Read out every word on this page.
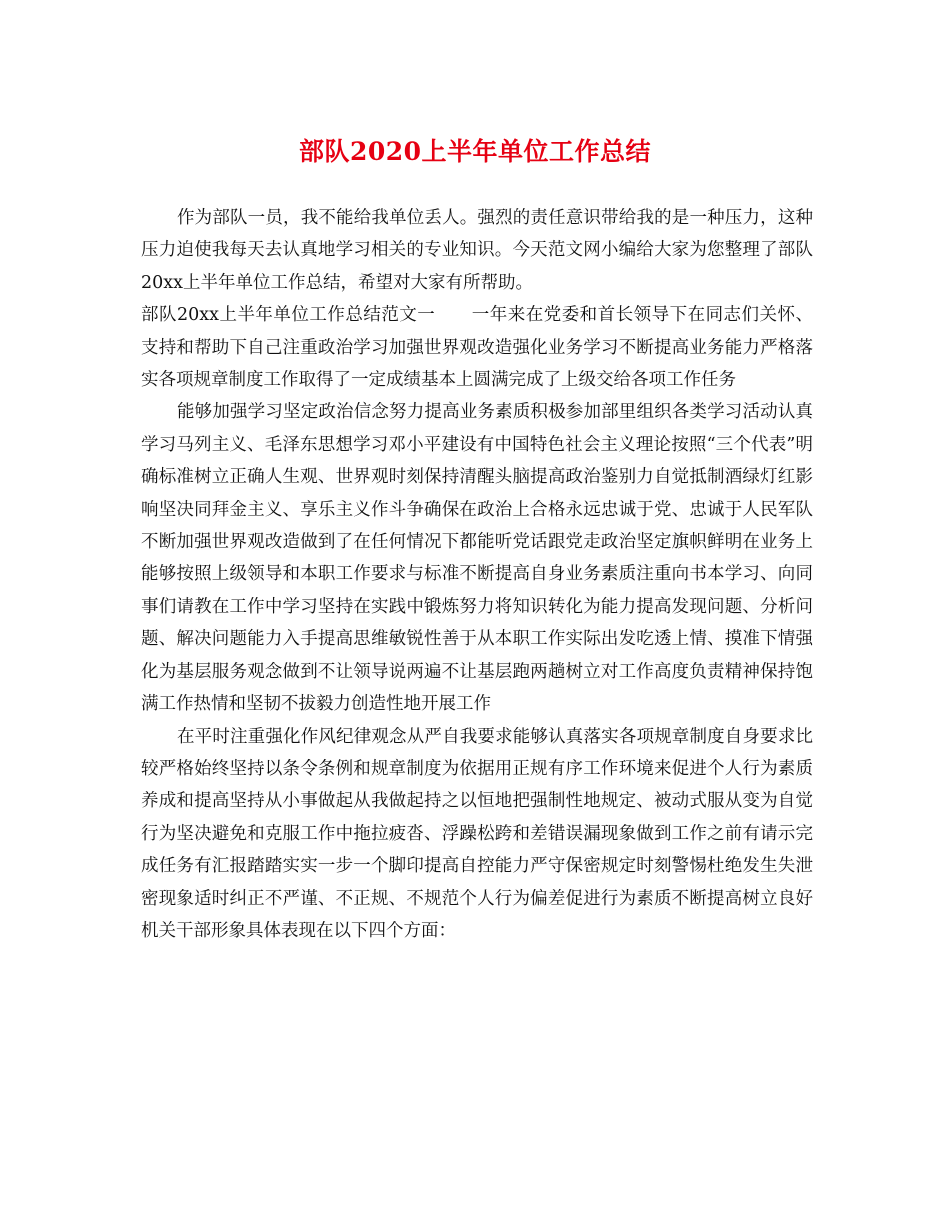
部队2020上半年单位工作总结

作为部队一员，我不能给我单位丢人。强烈的责任意识带给我的是一种压力，这种压力迫使我每天去认真地学习相关的专业知识。今天范文网小编给大家为您整理了部队20xx上半年单位工作总结，希望对大家有所帮助。

部队20xx上半年单位工作总结范文一 一年来在党委和首长领导下在同志们关怀、支持和帮助下自己注重政治学习加强世界观改造强化业务学习不断提高业务能力严格落实各项规章制度工作取得了一定成绩基本上圆满完成了上级交给各项工作任务

能够加强学习坚定政治信念努力提高业务素质积极参加部里组织各类学习活动认真学习马列主义、毛泽东思想学习邓小平建设有中国特色社会主义理论按照“三个代表”明确标准树立正确人生观、世界观时刻保持清醒头脑提高政治鉴别力自觉抵制酒绿灯红影响坚决同拜金主义、享乐主义作斗争确保在政治上合格永远忠诚于党、忠诚于人民军队不断加强世界观改造做到了在任何情况下都能听党话跟党走政治坚定旗帜鲜明在业务上能够按照上级领导和本职工作要求与标准不断提高自身业务素质注重向书本学习、向同事们请教在工作中学习坚持在实践中锻炼努力将知识转化为能力提高发现问题、分析问题、解决问题能力入手提高思维敏锐性善于从本职工作实际出发吃透上情、摸准下情强化为基层服务观念做到不让领导说两遍不让基层跑两趟树立对工作高度负责精神保持饱满工作热情和坚韧不拔毅力创造性地开展工作

在平时注重强化作风纪律观念从严自我要求能够认真落实各项规章制度自身要求比较严格始终坚持以条令条例和规章制度为依据用正规有序工作环境来促进个人行为素质养成和提高坚持从小事做起从我做起持之以恒地把强制性地规定、被动式服从变为自觉行为坚决避免和克服工作中拖拉疲沓、浮躁松跨和差错误漏现象做到工作之前有请示完成任务有汇报踏踏实实一步一个脚印提高自控能力严守保密规定时刻警惕杜绝发生失泄密现象适时纠正不严谨、不正规、不规范个人行为偏差促进行为素质不断提高树立良好机关干部形象具体表现在以下四个方面：
